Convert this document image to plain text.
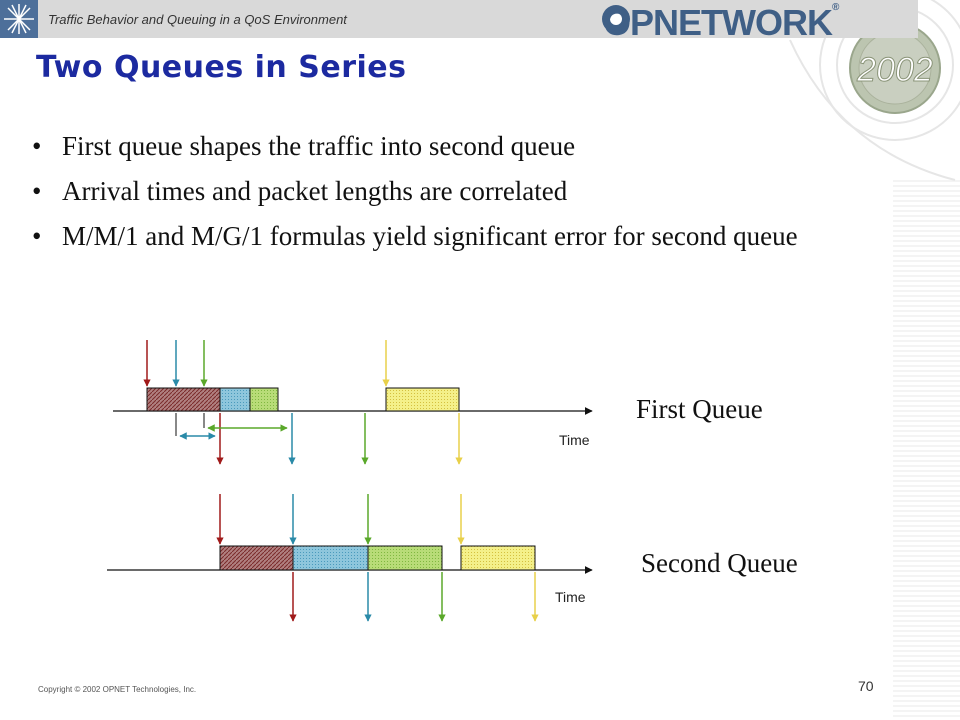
2002
Time
First Queue
Time
Second Queue
Traffic Behavior and Queuing in a QoS Environment	OPNETWORK®
Two Queues in Series
• First queue shapes the traffic into second queue
• Arrival times and packet lengths are correlated
• M/M/1 and M/G/1 formulas yield significant error for second queue
Copyright © 2002 OPNET Technologies, Inc.	70
